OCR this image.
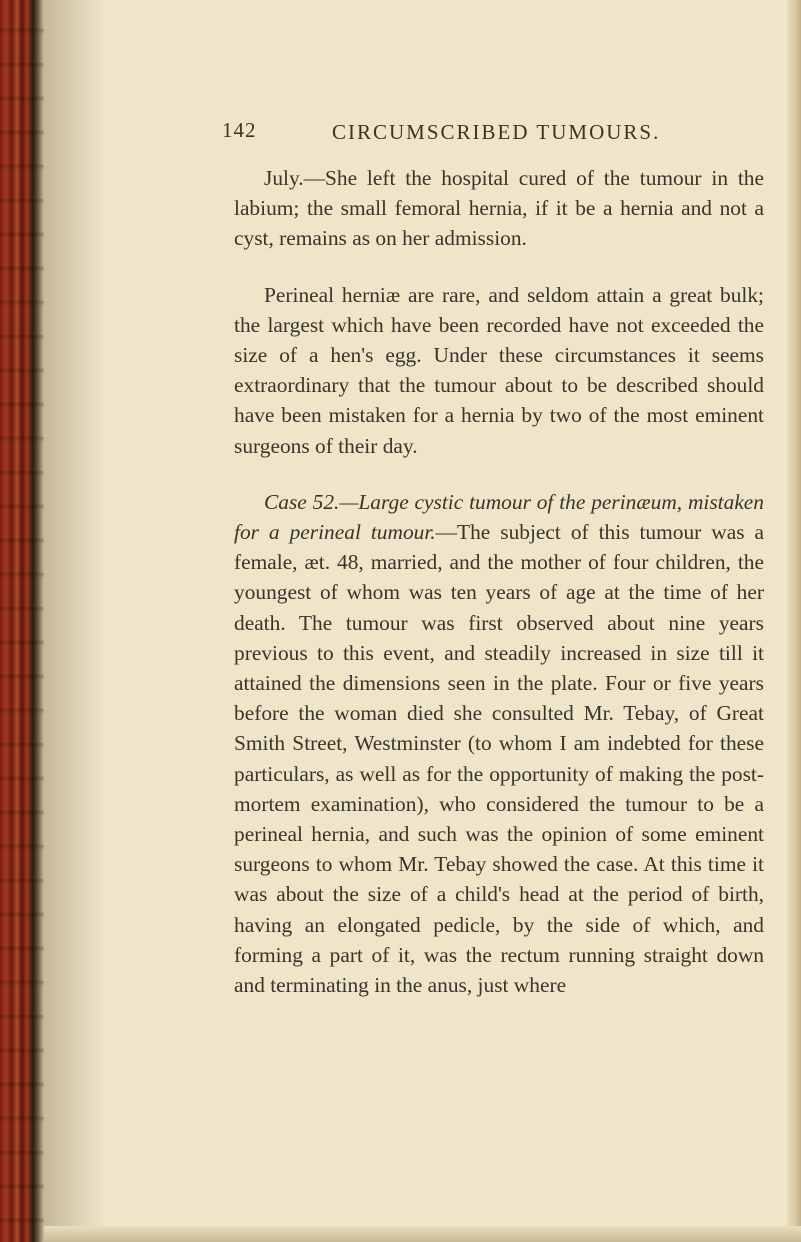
142	CIRCUMSCRIBED TUMOURS.

July.—She left the hospital cured of the tumour in the labium; the small femoral hernia, if it be a hernia and not a cyst, remains as on her admission.

Perineal herniæ are rare, and seldom attain a great bulk; the largest which have been recorded have not exceeded the size of a hen's egg. Under these circumstances it seems extraordinary that the tumour about to be described should have been mistaken for a hernia by two of the most eminent surgeons of their day.

Case 52.—Large cystic tumour of the perinæum, mistaken for a perineal tumour.—The subject of this tumour was a female, æt. 48, married, and the mother of four children, the youngest of whom was ten years of age at the time of her death. The tumour was first observed about nine years previous to this event, and steadily increased in size till it attained the dimensions seen in the plate. Four or five years before the woman died she consulted Mr. Tebay, of Great Smith Street, Westminster (to whom I am indebted for these particulars, as well as for the opportunity of making the post-mortem examination), who considered the tumour to be a perineal hernia, and such was the opinion of some eminent surgeons to whom Mr. Tebay showed the case. At this time it was about the size of a child's head at the period of birth, having an elongated pedicle, by the side of which, and forming a part of it, was the rectum running straight down and terminating in the anus, just where
